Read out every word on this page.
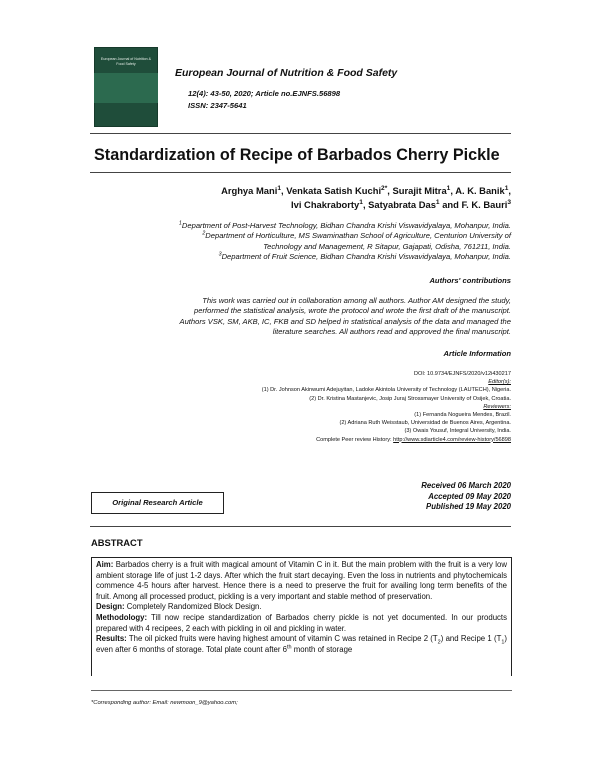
European Journal of Nutrition & Food Safety
European Journal of Nutrition & Food Safety
12(4): 43-50, 2020; Article no.EJNFS.56898
ISSN: 2347-5641
Standardization of Recipe of Barbados Cherry Pickle
Arghya Mani$^1$, Venkata Satish Kuchi$^{2*}$, Surajit Mitra$^1$, A. K. Banik$^1$,
Ivi Chakraborty$^1$, Satyabrata Das$^1$ and F. K. Bauri$^3$
$^1$Department of Post-Harvest Technology, Bidhan Chandra Krishi Viswavidyalaya, Mohanpur, India.
$^2$Department of Horticulture, MS Swaminathan School of Agriculture, Centurion University of
Technology and Management, R Sitapur, Gajapati, Odisha, 761211, India.
$^3$Department of Fruit Science, Bidhan Chandra Krishi Viswavidyalaya, Mohanpur, India.
Authors' contributions
This work was carried out in collaboration among all authors. Author AM designed the study,
performed the statistical analysis, wrote the protocol and wrote the first draft of the manuscript.
Authors VSK, SM, AKB, IC, FKB and SD helped in statistical analysis of the data and managed the
literature searches. All authors read and approved the final manuscript.
Article Information
DOI: 10.9734/EJNFS/2020/v12i430217
Editor(s):
(1) Dr. Johnson Akinwumi Adejuyitan, Ladoke Akintola University of Technology (LAUTECH), Nigeria.
(2) Dr. Kristina Mastanjevic, Josip Juraj Strossmayer University of Osijek, Croatia.
Reviewers:
(1) Fernanda Nogueira Mendes, Brazil.
(2) Adriana Ruth Weisstaub, Universidad de Buenos Aires, Argentina.
(3) Owais Yousuf, Integral University, India.
Complete Peer review History: http://www.sdiarticle4.com/review-history/56898
Original Research Article
Received 06 March 2020
Accepted 09 May 2020
Published 19 May 2020
ABSTRACT

Aim: Barbados cherry is a fruit with magical amount of Vitamin C in it. But the main problem with the fruit is a very low ambient storage life of just 1-2 days. After which the fruit start decaying. Even the loss in nutrients and phytochemicals commence 4-5 hours after harvest. Hence there is a need to preserve the fruit for availing long term benefits of the fruit. Among all processed product, pickling is a very important and stable method of preservation.

Design: Completely Randomized Block Design.

Methodology: Till now recipe standardization of Barbados cherry pickle is not yet documented. In our products prepared with 4 recipees, 2 each with pickling in oil and pickling in water.

Results: The oil picked fruits were having highest amount of vitamin C was retained in Recipe 2 $(T_2)$ and Recipe 1 $(T_1)$ even after 6 months of storage. Total plate count after 6th month of storage

*Corresponding author: Email: newmoon_9@yahoo.com;
